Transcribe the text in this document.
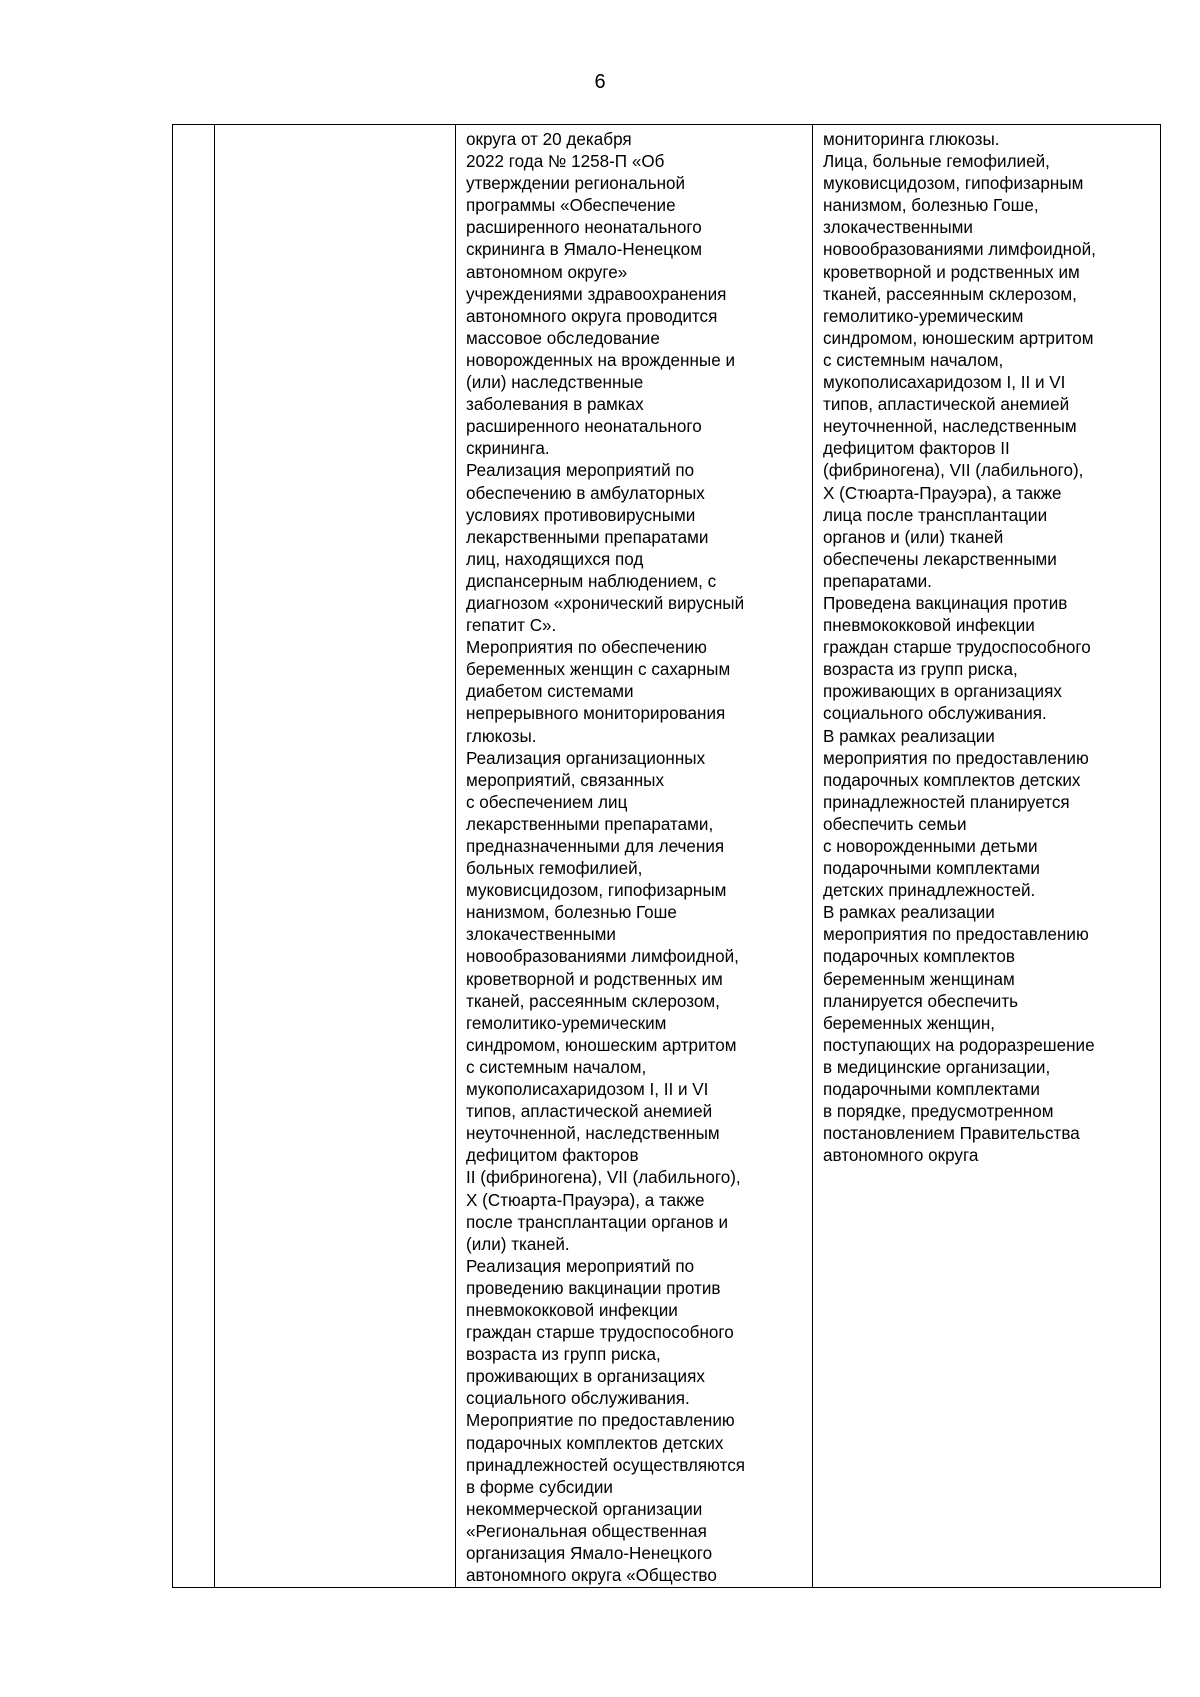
6

округа от 20 декабря
2022 года № 1258-П «Об
утверждении региональной
программы «Обеспечение
расширенного неонатального
скрининга в Ямало-Ненецком
автономном округе»
учреждениями здравоохранения
автономного округа проводится
массовое обследование
новорожденных на врожденные и
(или) наследственные
заболевания в рамках
расширенного неонатального
скрининга.
Реализация мероприятий по
обеспечению в амбулаторных
условиях противовирусными
лекарственными препаратами
лиц, находящихся под
диспансерным наблюдением, с
диагнозом «хронический вирусный
гепатит С».
Мероприятия по обеспечению
беременных женщин с сахарным
диабетом системами
непрерывного мониторирования
глюкозы.
Реализация организационных
мероприятий, связанных
с обеспечением лиц
лекарственными препаратами,
предназначенными для лечения
больных гемофилией,
муковисцидозом, гипофизарным
нанизмом, болезнью Гоше
злокачественными
новообразованиями лимфоидной,
кроветворной и родственных им
тканей, рассеянным склерозом,
гемолитико-уремическим
синдромом, юношеским артритом
с системным началом,
мукополисахаридозом I, II и VI
типов, апластической анемией
неуточненной, наследственным
дефицитом факторов
II (фибриногена), VII (лабильного),
X (Стюарта-Прауэра), а также
после трансплантации органов и
(или) тканей.
Реализация мероприятий по
проведению вакцинации против
пневмококковой инфекции
граждан старше трудоспособного
возраста из групп риска,
проживающих в организациях
социального обслуживания.
Мероприятие по предоставлению
подарочных комплектов детских
принадлежностей осуществляются
в форме субсидии
некоммерческой организации
«Региональная общественная
организация Ямало-Ненецкого
автономного округа «Общество

мониторинга глюкозы.
Лица, больные гемофилией,
муковисцидозом, гипофизарным
нанизмом, болезнью Гоше,
злокачественными
новообразованиями лимфоидной,
кроветворной и родственных им
тканей, рассеянным склерозом,
гемолитико-уремическим
синдромом, юношеским артритом
с системным началом,
мукополисахаридозом I, II и VI
типов, апластической анемией
неуточненной, наследственным
дефицитом факторов II
(фибриногена), VII (лабильного),
X (Стюарта-Прауэра), а также
лица после трансплантации
органов и (или) тканей
обеспечены лекарственными
препаратами.
Проведена вакцинация против
пневмококковой инфекции
граждан старше трудоспособного
возраста из групп риска,
проживающих в организациях
социального обслуживания.
В рамках реализации
мероприятия по предоставлению
подарочных комплектов детских
принадлежностей планируется
обеспечить семьи
с новорожденными детьми
подарочными комплектами
детских принадлежностей.
В рамках реализации
мероприятия по предоставлению
подарочных комплектов
беременным женщинам
планируется обеспечить
беременных женщин,
поступающих на родоразрешение
в медицинские организации,
подарочными комплектами
в порядке, предусмотренном
постановлением Правительства
автономного округа
